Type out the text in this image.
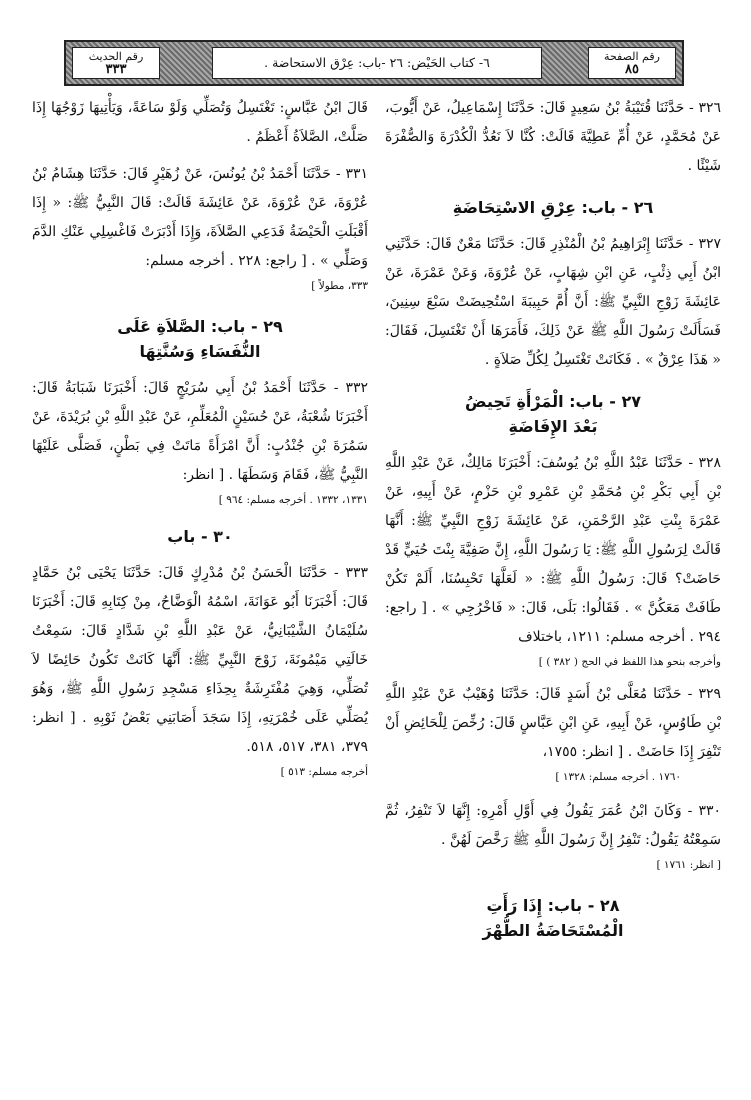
رقم الصفحة
٨٥
٦- كتاب الحَيْض: ٢٦ -باب: عِرْق الاستحاضة .
رقم الحديث
٣٣٣

٣٢٦ - حَدَّثَنَا قُتَيْبَةُ بْنُ سَعِيدٍ قَالَ: حَدَّثَنَا إِسْمَاعِيلُ، عَنْ أَيُّوبَ، عَنْ مُحَمَّدٍ، عَنْ أُمِّ عَطِيَّةَ قَالَتْ: كُنَّا لاَ نَعُدُّ الْكُدْرَةَ وَالصُّفْرَةَ شَيْئًا .

٢٦ - باب: عِرْقِ الاسْتِحَاضَةِ

٣٢٧ - حَدَّثَنَا إِبْرَاهِيمُ بْنُ الْمُنْذِرِ قَالَ: حَدَّثَنَا مَعْنٌ قَالَ: حَدَّثَنِي ابْنُ أَبِي ذِئْبٍ، عَنِ ابْنِ شِهَابٍ، عَنْ عُرْوَةَ، وَعَنْ عَمْرَةَ، عَنْ عَائِشَةَ زَوْجِ النَّبِيِّ ﷺ: أَنَّ أُمَّ حَبِيبَةَ اسْتُحِيضَتْ سَبْعَ سِنِينَ، فَسَأَلَتْ رَسُولَ اللَّهِ ﷺ عَنْ ذَلِكَ، فَأَمَرَهَا أَنْ تَغْتَسِلَ، فَقَالَ: « هَذَا عِرْقٌ » . فَكَانَتْ تَغْتَسِلُ لِكُلِّ صَلاَةٍ .

٢٧ - باب: الْمَرْأَةِ تَحِيضُ
بَعْدَ الإِفَاضَةِ

٣٢٨ - حَدَّثَنَا عَبْدُ اللَّهِ بْنُ يُوسُفَ: أَخْبَرَنَا مَالِكٌ، عَنْ عَبْدِ اللَّهِ بْنِ أَبِي بَكْرِ بْنِ مُحَمَّدِ بْنِ عَمْرِو بْنِ حَزْمٍ، عَنْ أَبِيهِ، عَنْ عَمْرَةَ بِنْتِ عَبْدِ الرَّحْمَنِ، عَنْ عَائِشَةَ زَوْجِ النَّبِيِّ ﷺ: أَنَّهَا قَالَتْ لِرَسُولِ اللَّهِ ﷺ: يَا رَسُولَ اللَّهِ، إِنَّ صَفِيَّةَ بِنْتَ حُيَيٍّ قَدْ حَاضَتْ؟ قَالَ: رَسُولُ اللَّهِ ﷺ: « لَعَلَّهَا تَحْبِسُنَا، أَلَمْ تَكُنْ طَافَتْ مَعَكُنَّ » . فَقَالُوا: بَلَى، قَالَ: « فَاخْرُجِي » . [ راجع: ٢٩٤ . أخرجه مسلم: ١٢١١، باختلاف

وأخرجه بنحو هذا اللفظ في الحج ( ٣٨٢ ) ]

٣٢٩ - حَدَّثَنَا مُعَلَّى بْنُ أَسَدٍ قَالَ: حَدَّثَنَا وُهَيْبٌ عَنْ عَبْدِ اللَّهِ بْنِ طَاوُسٍ، عَنْ أَبِيهِ، عَنِ ابْنِ عَبَّاسٍ قَالَ: رُخِّصَ لِلْحَائِضِ أَنْ تَنْفِرَ إِذَا حَاضَتْ . [ انظر: ١٧٥٥،

١٧٦٠ . أخرجه مسلم: ١٣٢٨ ]

٣٣٠ - وَكَانَ ابْنُ عُمَرَ يَقُولُ فِي أَوَّلِ أَمْرِهِ: إِنَّهَا لاَ تَنْفِرُ، ثُمَّ سَمِعْتُهُ يَقُولُ: تَنْفِرُ إِنَّ رَسُولَ اللَّهِ ﷺ رَخَّصَ لَهُنَّ .

[ انظر: ١٧٦١ ]

٢٨ - باب: إِذَا رَأَتِ
الْمُسْتَحَاضَةُ الطُّهْرَ

قَالَ ابْنُ عَبَّاسٍ: تَغْتَسِلُ وَتُصَلِّي وَلَوْ سَاعَةً، وَيَأْتِيهَا زَوْجُهَا إِذَا صَلَّتْ، الصَّلاَةُ أَعْظَمُ .

٣٣١ - حَدَّثَنَا أَحْمَدُ بْنُ يُونُسَ، عَنْ زُهَيْرٍ قَالَ: حَدَّثَنَا هِشَامُ بْنُ عُرْوَةَ، عَنْ عُرْوَةَ، عَنْ عَائِشَةَ قَالَتْ: قَالَ النَّبِيُّ ﷺ: « إِذَا أَقْبَلَتِ الْحَيْضَةُ فَدَعِي الصَّلاَةَ، وَإِذَا أَدْبَرَتْ فَاغْسِلِي عَنْكِ الدَّمَ وَصَلِّي » . [ راجع: ٢٢٨ . أخرجه مسلم:

٣٣٣، مطولاً ]

٢٩ - باب: الصَّلاَةِ عَلَى
النُّفَسَاءِ وَسُنَّتِهَا

٣٣٢ - حَدَّثَنَا أَحْمَدُ بْنُ أَبِي سُرَيْجٍ قَالَ: أَخْبَرَنَا شَبَابَةُ قَالَ: أَخْبَرَنَا شُعْبَةُ، عَنْ حُسَيْنٍ الْمُعَلِّمِ، عَنْ عَبْدِ اللَّهِ بْنِ بُرَيْدَةَ، عَنْ سَمُرَةَ بْنِ جُنْدُبٍ: أَنَّ امْرَأَةً مَاتَتْ فِي بَطْنٍ، فَصَلَّى عَلَيْهَا النَّبِيُّ ﷺ، فَقَامَ وَسَطَهَا . [ انظر:

١٣٣١، ١٣٣٢ . أخرجه مسلم: ٩٦٤ ]

٣٠ - باب

٣٣٣ - حَدَّثَنَا الْحَسَنُ بْنُ مُدْرِكٍ قَالَ: حَدَّثَنَا يَحْيَى بْنُ حَمَّادٍ قَالَ: أَخْبَرَنَا أَبُو عَوَانَةَ، اسْمُهُ الْوَضَّاحُ، مِنْ كِتَابِهِ قَالَ: أَخْبَرَنَا سُلَيْمَانُ الشَّيْبَانِيُّ، عَنْ عَبْدِ اللَّهِ بْنِ شَدَّادٍ قَالَ: سَمِعْتُ خَالَتِي مَيْمُونَةَ، زَوْجَ النَّبِيِّ ﷺ: أَنَّهَا كَانَتْ تَكُونُ حَائِضًا لاَ تُصَلِّي، وَهِيَ مُفْتَرِشَةٌ بِحِذَاءِ مَسْجِدِ رَسُولِ اللَّهِ ﷺ، وَهُوَ يُصَلِّي عَلَى خُمْرَتِهِ، إِذَا سَجَدَ أَصَابَنِي بَعْضُ ثَوْبِهِ . [ انظر: ٣٧٩، ٣٨١، ٥١٧، ٥١٨.

أخرجه مسلم: ٥١٣ ]
